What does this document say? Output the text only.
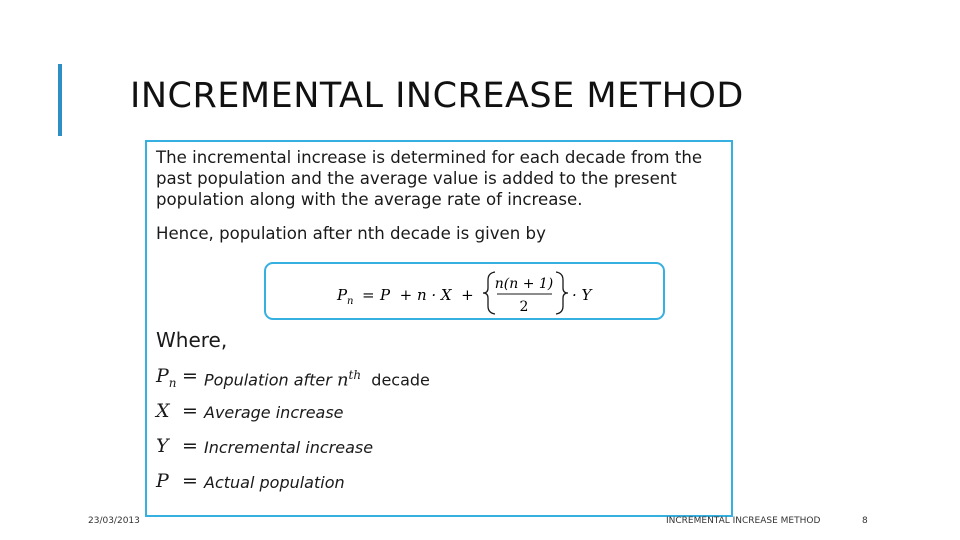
INCREMENTAL INCREASE METHOD
The incremental increase is determined for each decade from the past population and the average value is added to the present population along with the average rate of increase.
Hence, population after nth decade is given by
P n = P  + n · X  +
n(n + 1)
2
· Y
Where,
$P_n$ = Population after $n^{th}$ decade
X = Average increase
Y = Incremental increase
P = Actual population
23/03/2013	INCREMENTAL INCREASE METHOD	8
